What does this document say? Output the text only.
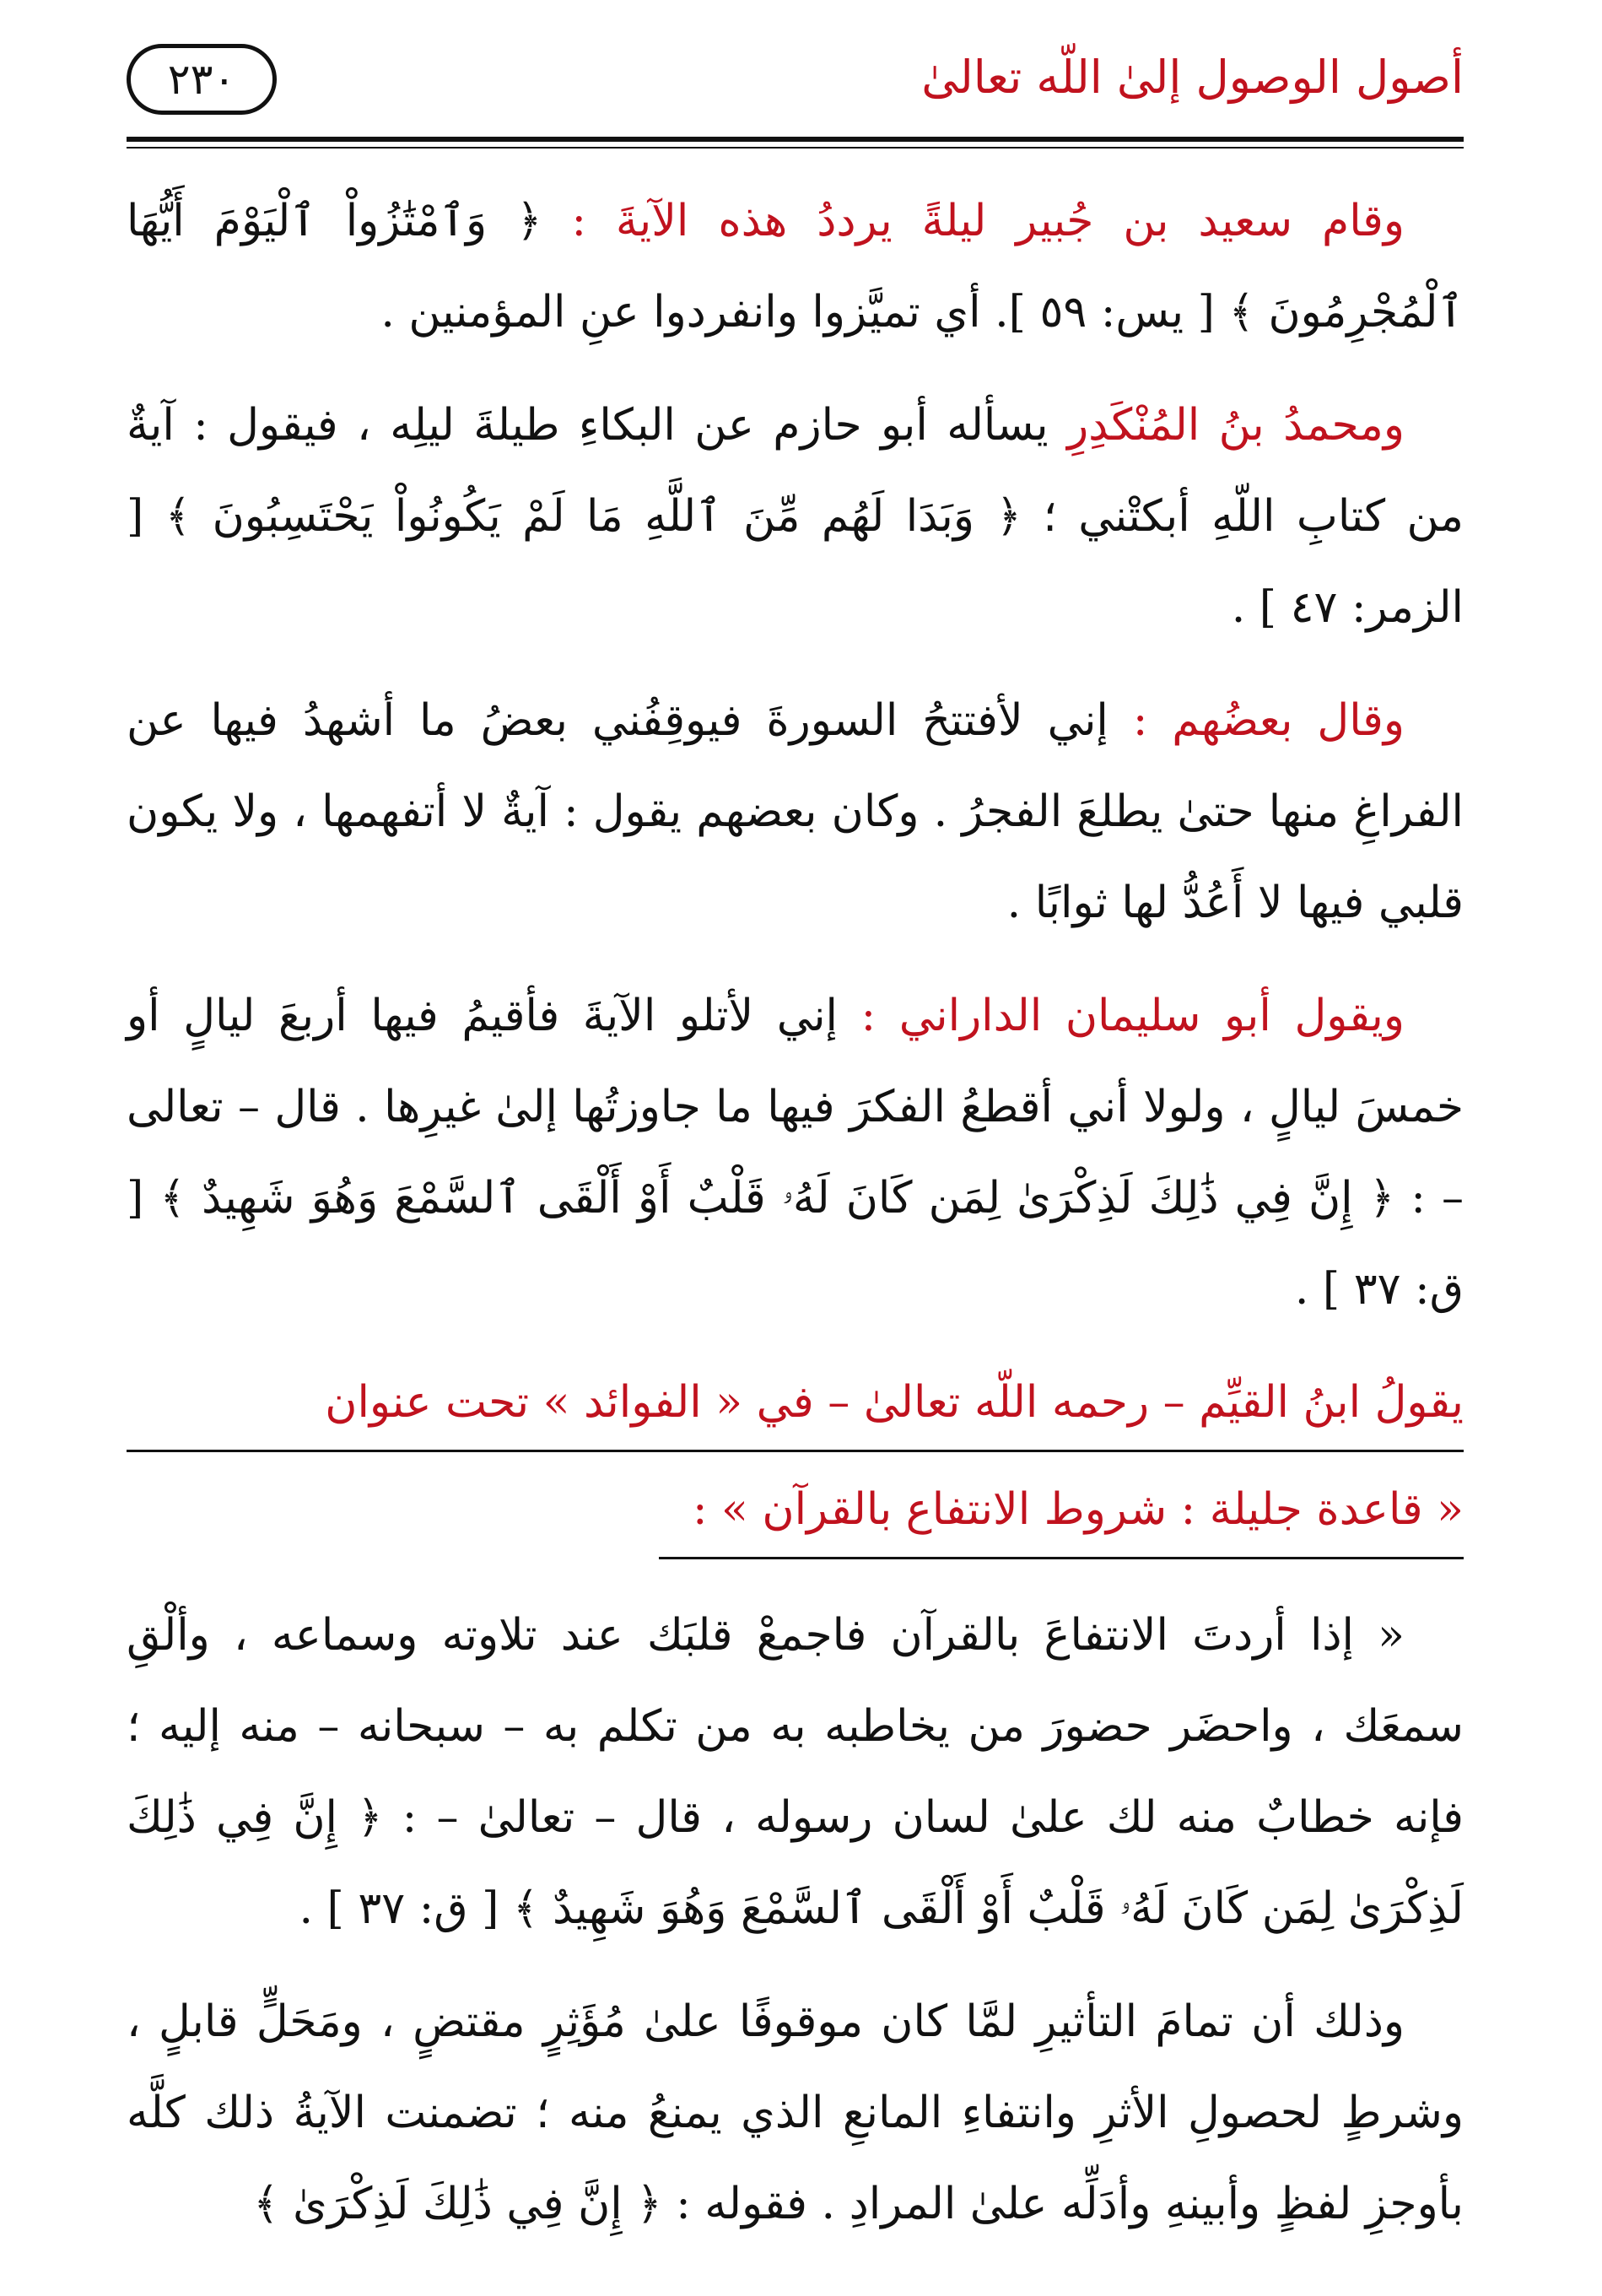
أصول الوصول إلىٰ اللّه تعالىٰ
٢٣٠

وقام سعيد بن جُبير ليلةً يرددُ هذه الآيةَ : ﴿ وَٱمْتَٰزُواْ ٱلْيَوْمَ أَيُّهَا ٱلْمُجْرِمُونَ ﴾ [ يس: ٥٩ ]. أي تميَّزوا وانفردوا عنِ المؤمنين .

ومحمدُ بنُ المُنْكَدِرِ يسأله أبو حازم عن البكاءِ طيلةَ ليلِه ، فيقول : آيةٌ من كتابِ اللّهِ أبكتْني ؛ ﴿ وَبَدَا لَهُم مِّنَ ٱللَّهِ مَا لَمْ يَكُونُواْ يَحْتَسِبُونَ ﴾ [ الزمر: ٤٧ ] .

وقال بعضُهم : إني لأفتتحُ السورةَ فيوقِفُني بعضُ ما أشهدُ فيها عن الفراغِ منها حتىٰ يطلعَ الفجرُ . وكان بعضهم يقول : آيةٌ لا أتفهمها ، ولا يكون قلبي فيها لا أَعُدُّ لها ثوابًا .

ويقول أبو سليمان الداراني : إني لأتلو الآيةَ فأقيمُ فيها أربعَ ليالٍ أو خمسَ ليالٍ ، ولولا أني أقطعُ الفكرَ فيها ما جاوزتُها إلىٰ غيرِها . قال – تعالى – : ﴿ إِنَّ فِي ذَٰلِكَ لَذِكْرَىٰ لِمَن كَانَ لَهُۥ قَلْبٌ أَوْ أَلْقَى ٱلسَّمْعَ وَهُوَ شَهِيدٌ ﴾ [ ق: ٣٧ ] .

يقولُ ابنُ القيِّم – رحمه اللّه تعالىٰ – في « الفوائد » تحت عنوان
« قاعدة جليلة : شروط الانتفاع بالقرآن » :

« إذا أردتَ الانتفاعَ بالقرآن فاجمعْ قلبَك عند تلاوته وسماعه ، وألْقِ سمعَك ، واحضَر حضورَ من يخاطبه به من تكلم به – سبحانه – منه إليه ؛ فإنه خطابٌ منه لك علىٰ لسان رسوله ، قال – تعالىٰ – : ﴿ إِنَّ فِي ذَٰلِكَ لَذِكْرَىٰ لِمَن كَانَ لَهُۥ قَلْبٌ أَوْ أَلْقَى ٱلسَّمْعَ وَهُوَ شَهِيدٌ ﴾ [ ق: ٣٧ ] .

وذلك أن تمامَ التأثيرِ لمَّا كان موقوفًا علىٰ مُؤَثِرٍ مقتضٍ ، ومَحَلٍّ قابلٍ ، وشرطٍ لحصولِ الأثرِ وانتفاءِ المانعِ الذي يمنعُ منه ؛ تضمنت الآيةُ ذلك كلَّه بأوجزِ لفظٍ وأبينهِ وأدَلِّه علىٰ المرادِ . فقوله : ﴿ إِنَّ فِي ذَٰلِكَ لَذِكْرَىٰ ﴾
